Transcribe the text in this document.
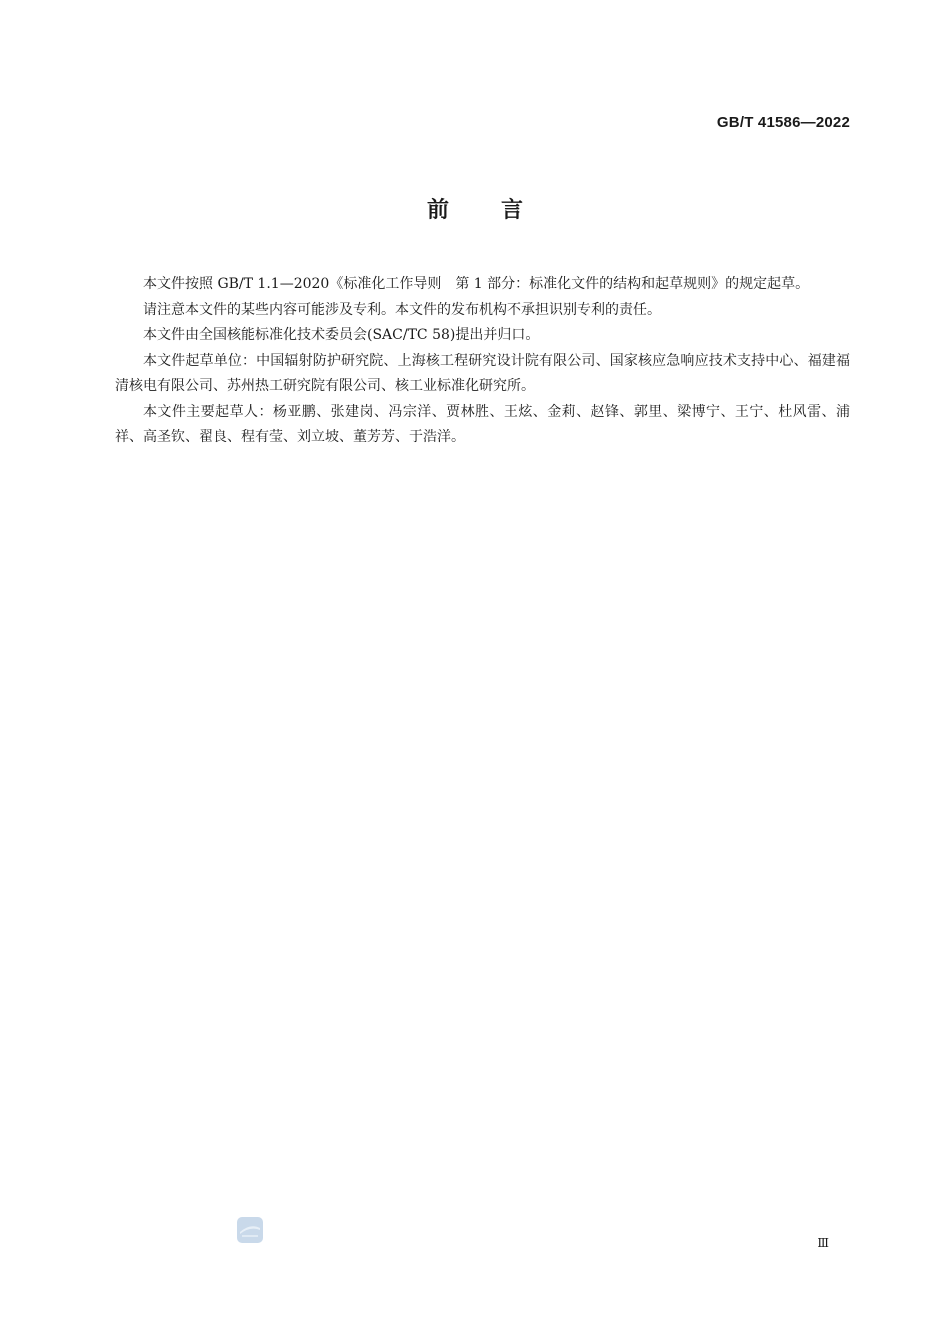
GB/T 41586—2022
前言

本文件按照 GB/T 1.1—2020《标准化工作导则　第 1 部分：标准化文件的结构和起草规则》的规定起草。

请注意本文件的某些内容可能涉及专利。本文件的发布机构不承担识别专利的责任。

本文件由全国核能标准化技术委员会(SAC/TC 58)提出并归口。

本文件起草单位：中国辐射防护研究院、上海核工程研究设计院有限公司、国家核应急响应技术支持中心、福建福清核电有限公司、苏州热工研究院有限公司、核工业标准化研究所。

本文件主要起草人：杨亚鹏、张建岗、冯宗洋、贾林胜、王炫、金莉、赵锋、郭里、梁博宁、王宁、杜风雷、浦祥、高圣钦、翟良、程有莹、刘立坡、董芳芳、于浩洋。

Ⅲ
